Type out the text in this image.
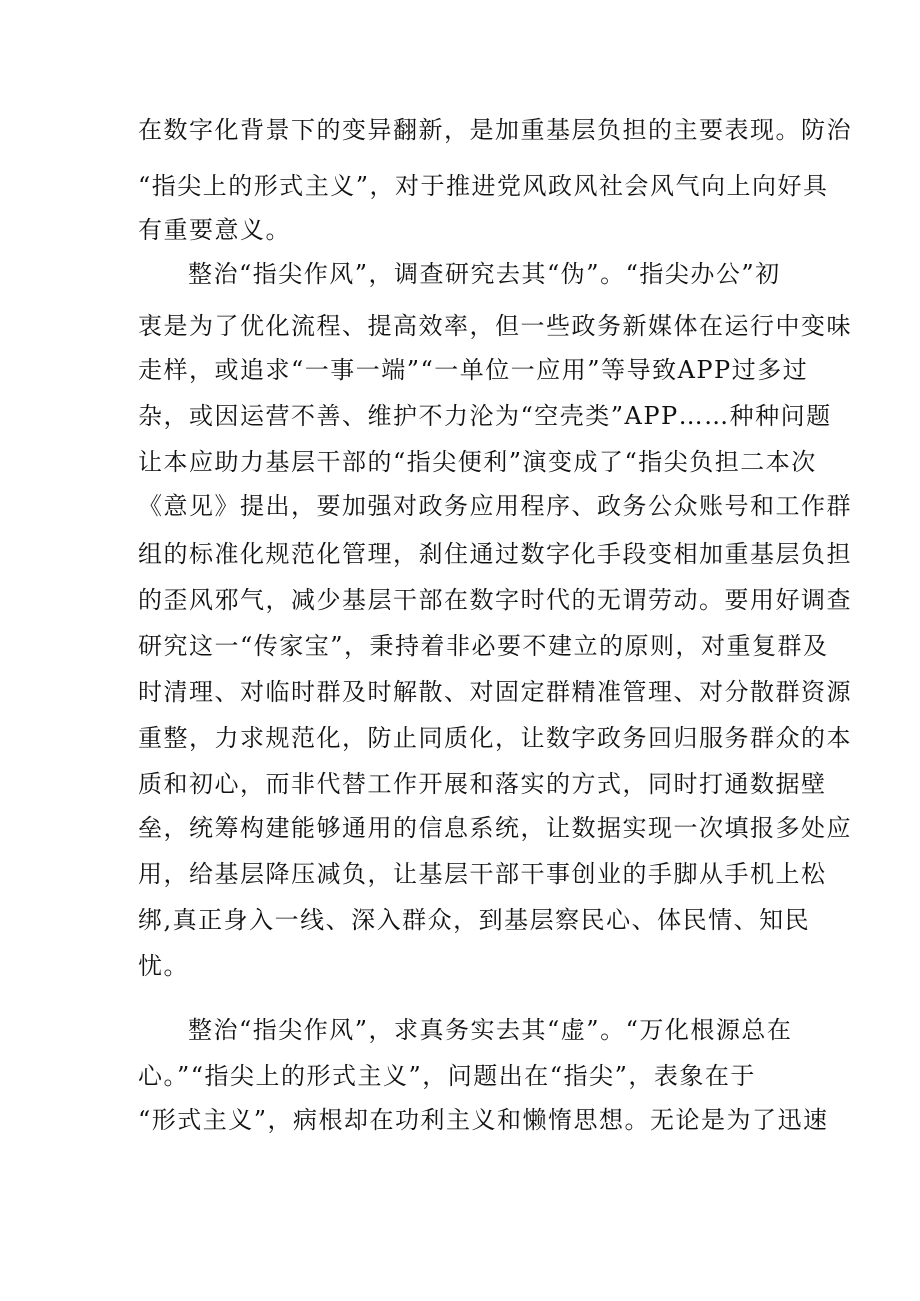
在数字化背景下的变异翻新，是加重基层负担的主要表现。防治
“指尖上的形式主义”，对于推进党风政风社会风气向上向好具
有重要意义。
整治“指尖作风”，调查研究去其“伪”。“指尖办公”初
衷是为了优化流程、提高效率，但一些政务新媒体在运行中变味
走样，或追求“一事一端”“一单位一应用”等导致APP过多过
杂，或因运营不善、维护不力沦为“空壳类”APP……种种问题
让本应助力基层干部的“指尖便利”演变成了“指尖负担二本次
《意见》提出，要加强对政务应用程序、政务公众账号和工作群
组的标准化规范化管理，刹住通过数字化手段变相加重基层负担
的歪风邪气，减少基层干部在数字时代的无谓劳动。要用好调查
研究这一“传家宝”，秉持着非必要不建立的原则，对重复群及
时清理、对临时群及时解散、对固定群精准管理、对分散群资源
重整，力求规范化，防止同质化，让数字政务回归服务群众的本
质和初心，而非代替工作开展和落实的方式，同时打通数据壁
垒，统筹构建能够通用的信息系统，让数据实现一次填报多处应
用，给基层降压减负，让基层干部干事创业的手脚从手机上松
绑,真正身入一线、深入群众，到基层察民心、体民情、知民
忧。
整治“指尖作风”，求真务实去其“虚”。“万化根源总在
心。”“指尖上的形式主义”，问题出在“指尖”，表象在于
“形式主义”，病根却在功利主义和懒惰思想。无论是为了迅速
